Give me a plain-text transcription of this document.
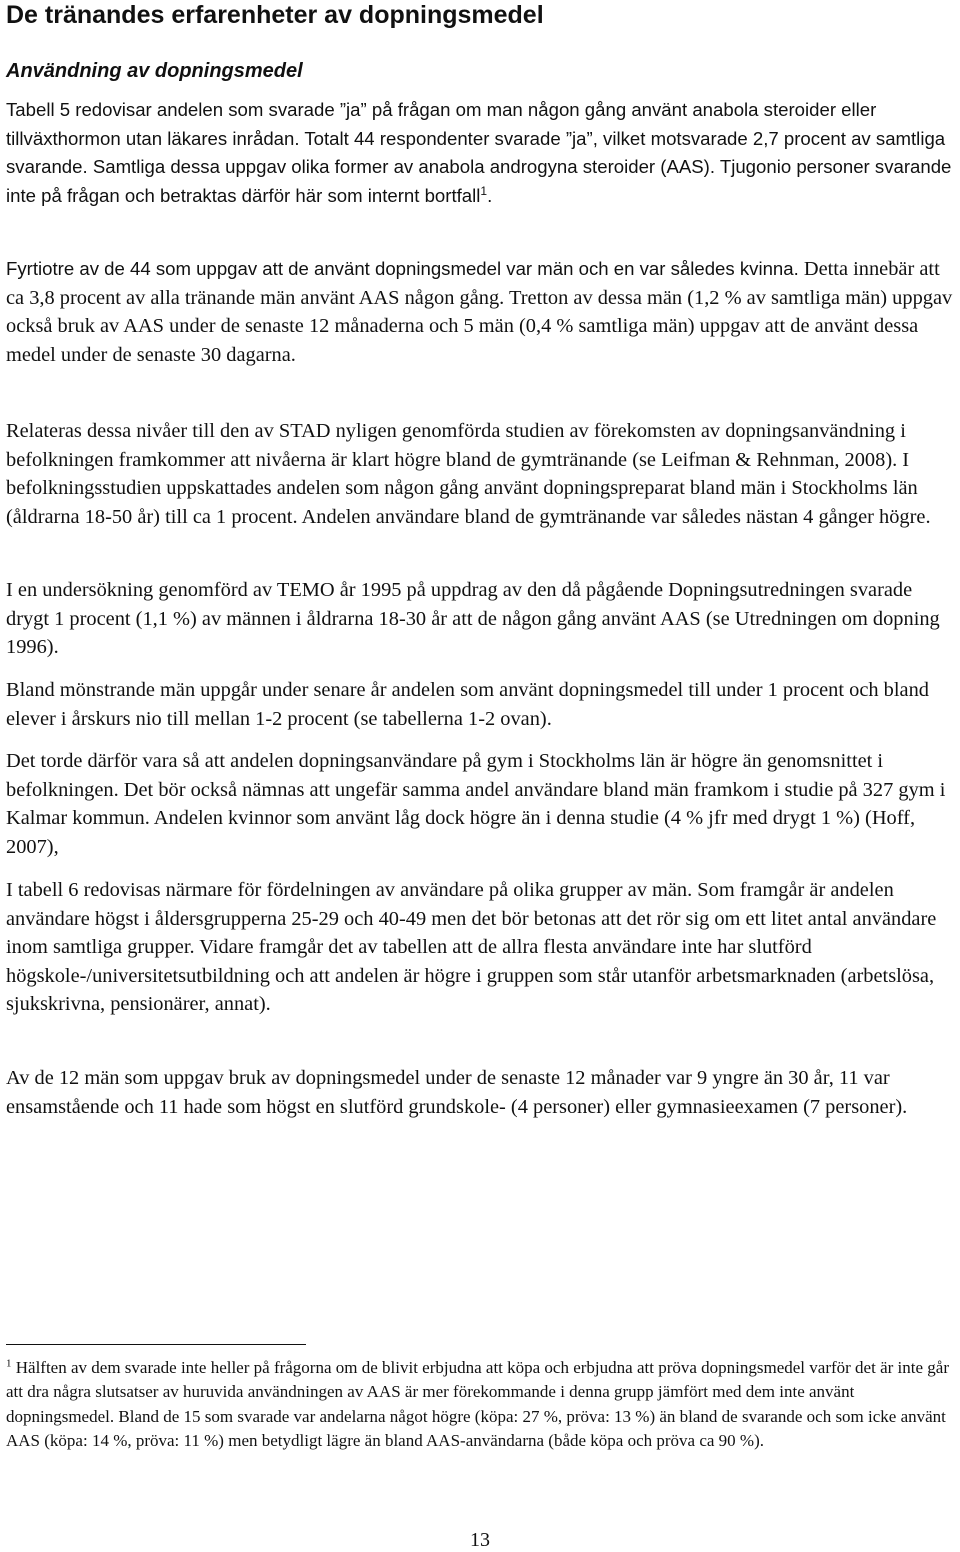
De tränandes erfarenheter av dopningsmedel
Användning av dopningsmedel

Tabell 5 redovisar andelen som svarade ”ja” på frågan om man någon gång använt anabola steroider eller tillväxthormon utan läkares inrådan. Totalt 44 respondenter svarade ”ja”, vilket motsvarade 2,7 procent av samtliga svarande. Samtliga dessa uppgav olika former av anabola androgyna steroider (AAS). Tjugonio personer svarande inte på frågan och betraktas därför här som internt bortfall$^1$.

Fyrtiotre av de 44 som uppgav att de använt dopningsmedel var män och en var således kvinna. Detta innebär att ca 3,8 procent av alla tränande män använt AAS någon gång. Tretton av dessa män (1,2 % av samtliga män) uppgav också bruk av AAS under de senaste 12 månaderna och 5 män (0,4 % samtliga män) uppgav att de använt dessa medel under de senaste 30 dagarna.

Relateras dessa nivåer till den av STAD nyligen genomförda studien av förekomsten av dopningsanvändning i befolkningen framkommer att nivåerna är klart högre bland de gymtränande (se Leifman & Rehnman, 2008). I befolkningsstudien uppskattades andelen som någon gång använt dopningspreparat bland män i Stockholms län (åldrarna 18-50 år) till ca 1 procent. Andelen användare bland de gymtränande var således nästan 4 gånger högre.

I en undersökning genomförd av TEMO år 1995 på uppdrag av den då pågående Dopningsutredningen svarade drygt 1 procent (1,1 %) av männen i åldrarna 18-30 år att de någon gång använt AAS (se Utredningen om dopning 1996).

Bland mönstrande män uppgår under senare år andelen som använt dopningsmedel till under 1 procent och bland elever i årskurs nio till mellan 1-2 procent (se tabellerna 1-2 ovan).

Det torde därför vara så att andelen dopningsanvändare på gym i Stockholms län är högre än genomsnittet i befolkningen. Det bör också nämnas att ungefär samma andel användare bland män framkom i studie på 327 gym i Kalmar kommun. Andelen kvinnor som använt låg dock högre än i denna studie (4 % jfr med drygt 1 %) (Hoff, 2007),

I tabell 6 redovisas närmare för fördelningen av användare på olika grupper av män. Som framgår är andelen användare högst i åldersgrupperna 25-29 och 40-49 men det bör betonas att det rör sig om ett litet antal användare inom samtliga grupper. Vidare framgår det av tabellen att de allra flesta användare inte har slutförd högskole-/universitetsutbildning och att andelen är högre i gruppen som står utanför arbetsmarknaden (arbetslösa, sjukskrivna, pensionärer, annat).

Av de 12 män som uppgav bruk av dopningsmedel under de senaste 12 månader var 9 yngre än 30 år, 11 var ensamstående och 11 hade som högst en slutförd grundskole- (4 personer) eller gymnasieexamen (7 personer).

$^1$ Hälften av dem svarade inte heller på frågorna om de blivit erbjudna att köpa och erbjudna att pröva dopningsmedel varför det är inte går att dra några slutsatser av huruvida användningen av AAS är mer förekommande i denna grupp jämfört med dem inte använt dopningsmedel. Bland de 15 som svarade var andelarna något högre (köpa: 27 %, pröva: 13 %) än bland de svarande och som icke använt AAS (köpa: 14 %, pröva: 11 %) men betydligt lägre än bland AAS-användarna (både köpa och pröva ca 90 %).

13
